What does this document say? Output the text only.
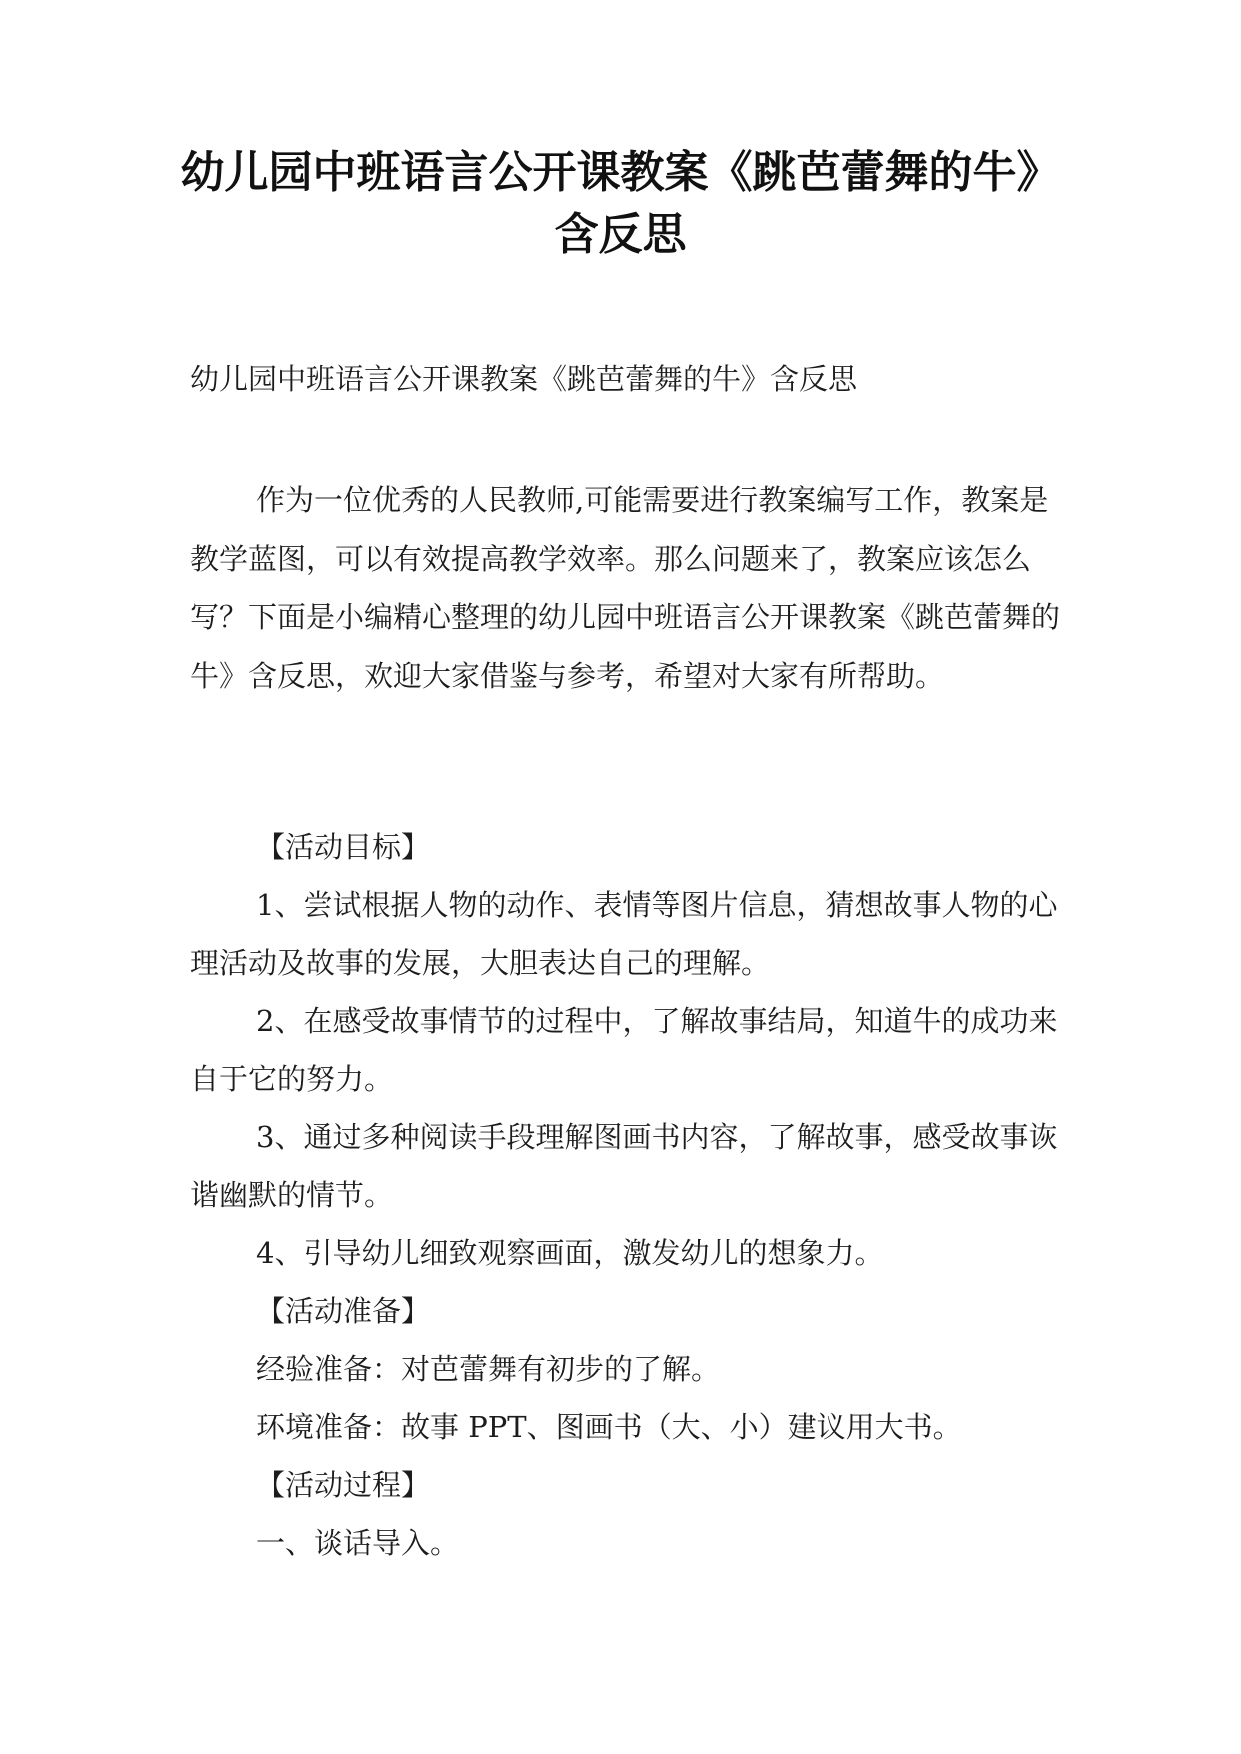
幼儿园中班语言公开课教案《跳芭蕾舞的牛》
含反思

幼儿园中班语言公开课教案《跳芭蕾舞的牛》含反思

作为一位优秀的人民教师,可能需要进行教案编写工作，教案是教学蓝图，可以有效提高教学效率。那么问题来了，教案应该怎么写？下面是小编精心整理的幼儿园中班语言公开课教案《跳芭蕾舞的牛》含反思，欢迎大家借鉴与参考，希望对大家有所帮助。

【活动目标】

1、尝试根据人物的动作、表情等图片信息，猜想故事人物的心理活动及故事的发展，大胆表达自己的理解。

2、在感受故事情节的过程中，了解故事结局，知道牛的成功来自于它的努力。

3、通过多种阅读手段理解图画书内容，了解故事，感受故事诙谐幽默的情节。

4、引导幼儿细致观察画面，激发幼儿的想象力。

【活动准备】

经验准备：对芭蕾舞有初步的了解。

环境准备：故事 PPT、图画书（大、小）建议用大书。

【活动过程】

一、谈话导入。
